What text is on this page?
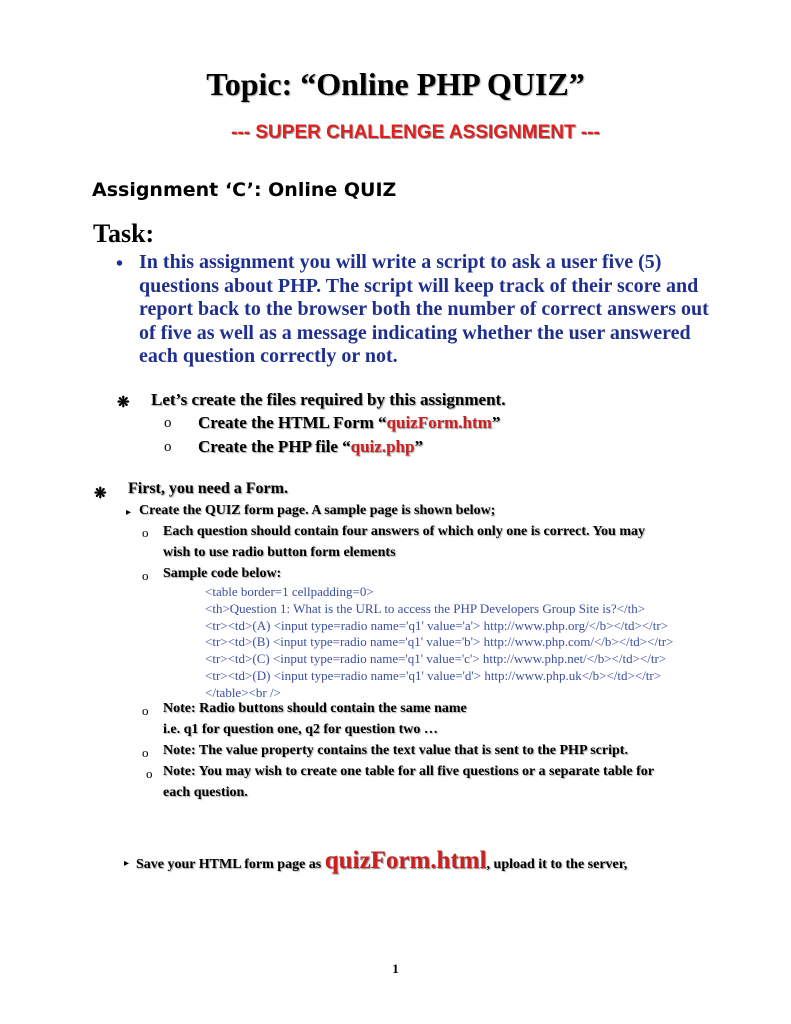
Topic: “Online PHP QUIZ”
--- SUPER CHALLENGE ASSIGNMENT ---
Assignment ‘C’: Online QUIZ
Task:
• In this assignment you will write a script to ask a user five (5)
questions about PHP. The script will keep track of their score and
report back to the browser both the number of correct answers out
of five as well as a message indicating whether the user answered
each question correctly or not.
❋ Let’s create the files required by this assignment.
o Create the HTML Form “quizForm.htm”
o Create the PHP file “quiz.php”
❋ First, you need a Form.
▸ Create the QUIZ form page. A sample page is shown below;
o Each question should contain four answers of which only one is correct. You may
wish to use radio button form elements
o Sample code below:
<table border=1 cellpadding=0>
<th>Question 1: What is the URL to access the PHP Developers Group Site is?</th>
<tr><td>(A) <input type=radio name='q1' value='a'> http://www.php.org/</b></td></tr>
<tr><td>(B) <input type=radio name='q1' value='b'> http://www.php.com/</b></td></tr>
<tr><td>(C) <input type=radio name='q1' value='c'> http://www.php.net/</b></td></tr>
<tr><td>(D) <input type=radio name='q1' value='d'> http://www.php.uk</b></td></tr>
</table><br />
o Note: Radio buttons should contain the same name
i.e. q1 for question one, q2 for question two …
o Note: The value property contains the text value that is sent to the PHP script.
o Note: You may wish to create one table for all five questions or a separate table for
each question.
▸ Save your HTML form page as quizForm.html, upload it to the server,
1
